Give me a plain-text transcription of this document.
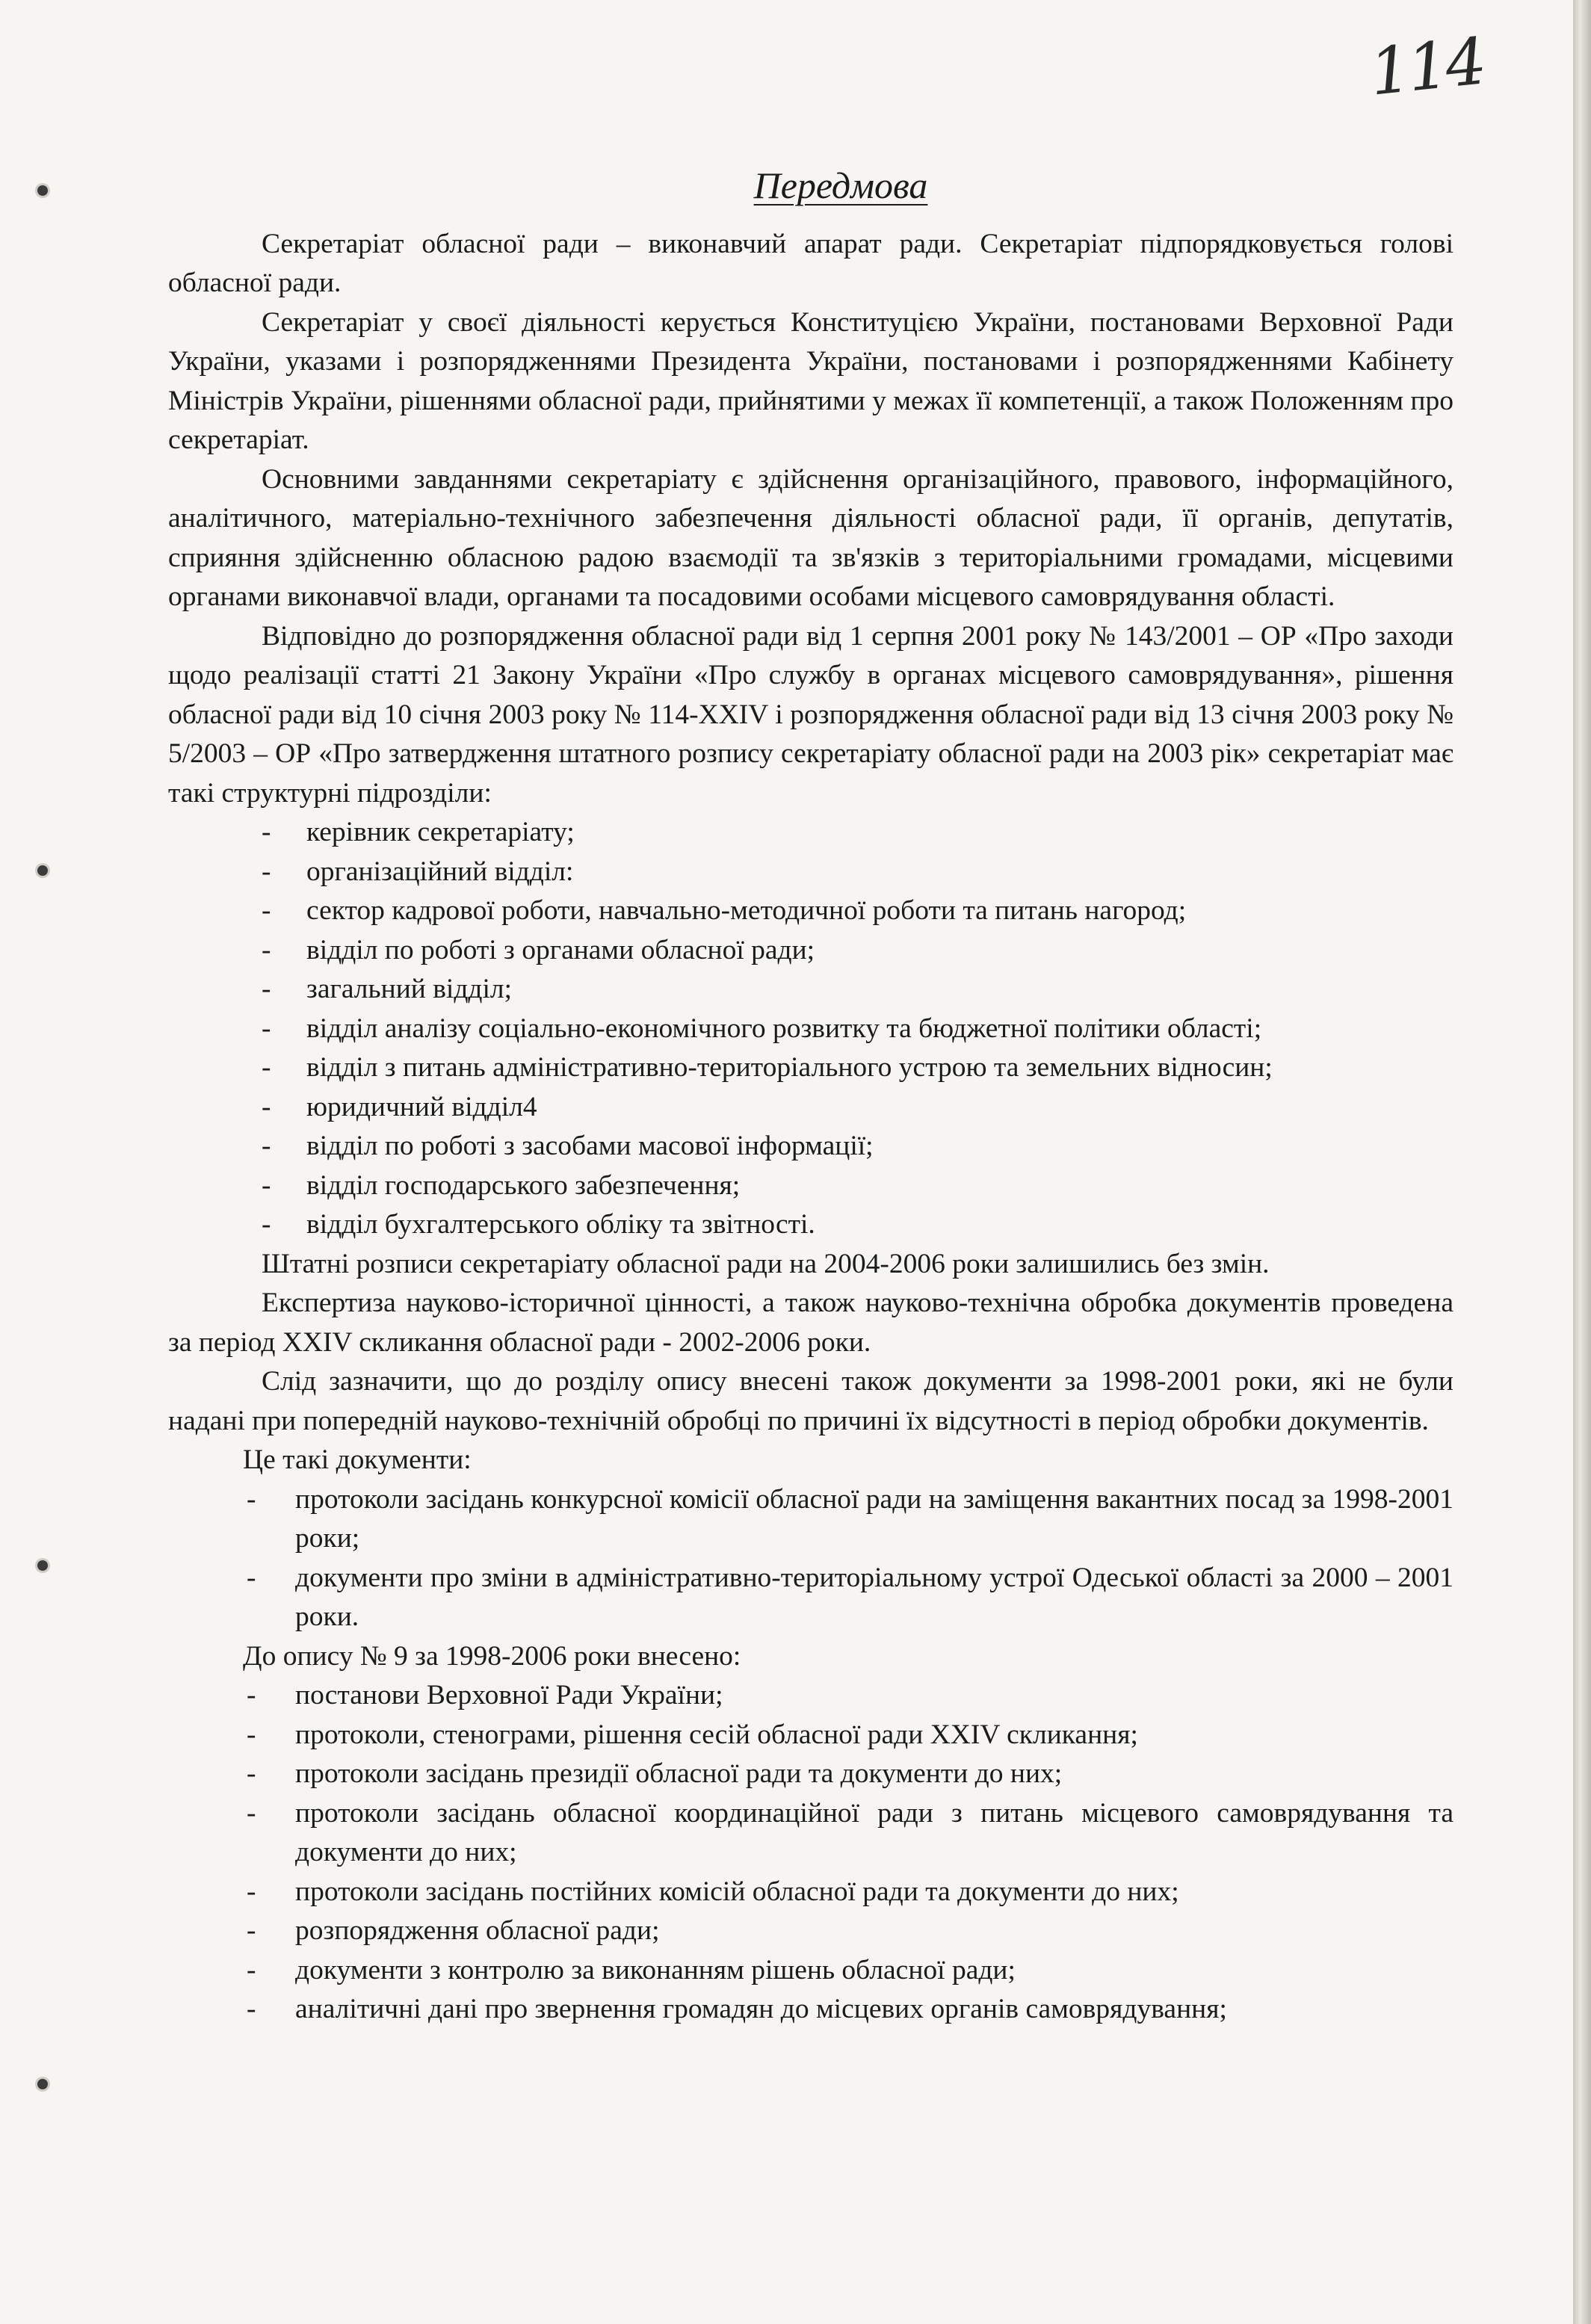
114
Передмова

Секретаріат обласної ради – виконавчий апарат ради. Секретаріат підпорядковується голові обласної ради.

Секретаріат у своєї діяльності керується Конституцією України, постановами Верховної Ради України, указами і розпорядженнями Президента України, постановами і розпорядженнями Кабінету Міністрів України, рішеннями обласної ради, прийнятими у межах її компетенції, а також Положенням про секретаріат.

Основними завданнями секретаріату є здійснення організаційного, правового, інформаційного, аналітичного, матеріально-технічного забезпечення діяльності обласної ради, її органів, депутатів, сприяння здійсненню обласною радою взаємодії та зв'язків з територіальними громадами, місцевими органами виконавчої влади, органами та посадовими особами місцевого самоврядування області.

Відповідно до розпорядження обласної ради від 1 серпня 2001 року № 143/2001 – ОР «Про заходи щодо реалізації статті 21 Закону України «Про службу в органах місцевого самоврядування», рішення обласної ради від 10 січня 2003 року № 114-XXIV і розпорядження обласної ради від 13 січня 2003 року № 5/2003 – ОР «Про затвердження штатного розпису секретаріату обласної ради на 2003 рік» секретаріат має такі структурні підрозділи:

- керівник секретаріату;
- організаційний відділ:
- сектор кадрової роботи, навчально-методичної роботи та питань нагород;
- відділ по роботі з органами обласної ради;
- загальний відділ;
- відділ аналізу соціально-економічного розвитку та бюджетної політики області;
- відділ з питань адміністративно-територіального устрою та земельних відносин;
- юридичний відділ4
- відділ по роботі з засобами масової інформації;
- відділ господарського забезпечення;
- відділ бухгалтерського обліку та звітності.

Штатні розписи секретаріату обласної ради на 2004-2006 роки залишились без змін.

Експертиза науково-історичної цінності, а також науково-технічна обробка документів проведена за період XXIV скликання обласної ради - 2002-2006 роки.

Слід зазначити, що до розділу опису внесені також документи за 1998-2001 роки, які не були надані при попередній науково-технічній обробці по причині їх відсутності в період обробки документів.

Це такі документи:

- протоколи засідань конкурсної комісії обласної ради на заміщення вакантних посад за 1998-2001 роки;
- документи про зміни в адміністративно-територіальному устрої Одеської області за 2000 – 2001 роки.

До опису № 9 за 1998-2006 роки внесено:

- постанови Верховної Ради України;
- протоколи, стенограми, рішення сесій обласної ради XXIV скликання;
- протоколи засідань президії обласної ради та документи до них;
- протоколи засідань обласної координаційної ради з питань місцевого самоврядування та документи до них;
- протоколи засідань постійних комісій обласної ради та документи до них;
- розпорядження обласної ради;
- документи з контролю за виконанням рішень обласної ради;
- аналітичні дані про звернення громадян до місцевих органів самоврядування;
